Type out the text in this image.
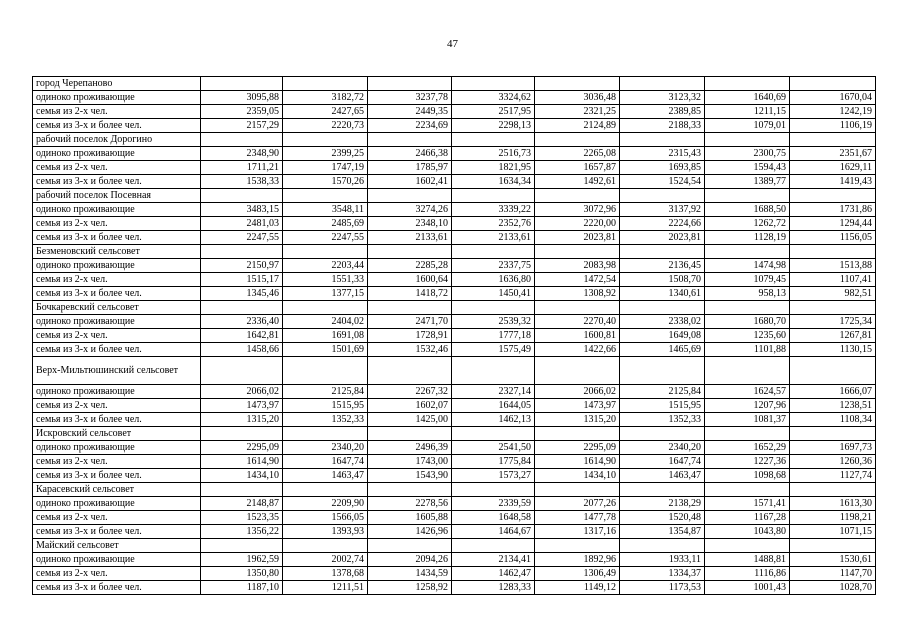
47
город Черепаново								
одиноко проживающие	3095,88	3182,72	3237,78	3324,62	3036,48	3123,32	1640,69	1670,04
семья из 2-х чел.	2359,05	2427,65	2449,35	2517,95	2321,25	2389,85	1211,15	1242,19
семья из 3-х и более чел.	2157,29	2220,73	2234,69	2298,13	2124,89	2188,33	1079,01	1106,19
рабочий поселок Дорогино								
одиноко проживающие	2348,90	2399,25	2466,38	2516,73	2265,08	2315,43	2300,75	2351,67
семья из 2-х чел.	1711,21	1747,19	1785,97	1821,95	1657,87	1693,85	1594,43	1629,11
семья из 3-х и более чел.	1538,33	1570,26	1602,41	1634,34	1492,61	1524,54	1389,77	1419,43
рабочий поселок Посевная								
одиноко проживающие	3483,15	3548,11	3274,26	3339,22	3072,96	3137,92	1688,50	1731,86
семья из 2-х чел.	2481,03	2485,69	2348,10	2352,76	2220,00	2224,66	1262,72	1294,44
семья из 3-х и более чел.	2247,55	2247,55	2133,61	2133,61	2023,81	2023,81	1128,19	1156,05
Безменовский сельсовет								
одиноко проживающие	2150,97	2203,44	2285,28	2337,75	2083,98	2136,45	1474,98	1513,88
семья из 2-х чел.	1515,17	1551,33	1600,64	1636,80	1472,54	1508,70	1079,45	1107,41
семья из 3-х и более чел.	1345,46	1377,15	1418,72	1450,41	1308,92	1340,61	958,13	982,51
Бочкаревский сельсовет								
одиноко проживающие	2336,40	2404,02	2471,70	2539,32	2270,40	2338,02	1680,70	1725,34
семья из 2-х чел.	1642,81	1691,08	1728,91	1777,18	1600,81	1649,08	1235,60	1267,81
семья из 3-х и более чел.	1458,66	1501,69	1532,46	1575,49	1422,66	1465,69	1101,88	1130,15
Верх-Мильтюшинский сельсовет								
одиноко проживающие	2066,02	2125,84	2267,32	2327,14	2066,02	2125,84	1624,57	1666,07
семья из 2-х чел.	1473,97	1515,95	1602,07	1644,05	1473,97	1515,95	1207,96	1238,51
семья из 3-х и более чел.	1315,20	1352,33	1425,00	1462,13	1315,20	1352,33	1081,37	1108,34
Искровский сельсовет								
одиноко проживающие	2295,09	2340,20	2496,39	2541,50	2295,09	2340,20	1652,29	1697,73
семья из 2-х чел.	1614,90	1647,74	1743,00	1775,84	1614,90	1647,74	1227,36	1260,36
семья из 3-х и более чел.	1434,10	1463,47	1543,90	1573,27	1434,10	1463,47	1098,68	1127,74
Карасевский сельсовет								
одиноко проживающие	2148,87	2209,90	2278,56	2339,59	2077,26	2138,29	1571,41	1613,30
семья из 2-х чел.	1523,35	1566,05	1605,88	1648,58	1477,78	1520,48	1167,28	1198,21
семья из 3-х и более чел.	1356,22	1393,93	1426,96	1464,67	1317,16	1354,87	1043,80	1071,15
Майский сельсовет								
одиноко проживающие	1962,59	2002,74	2094,26	2134,41	1892,96	1933,11	1488,81	1530,61
семья из 2-х чел.	1350,80	1378,68	1434,59	1462,47	1306,49	1334,37	1116,86	1147,70
семья из 3-х и более чел.	1187,10	1211,51	1258,92	1283,33	1149,12	1173,53	1001,43	1028,70
